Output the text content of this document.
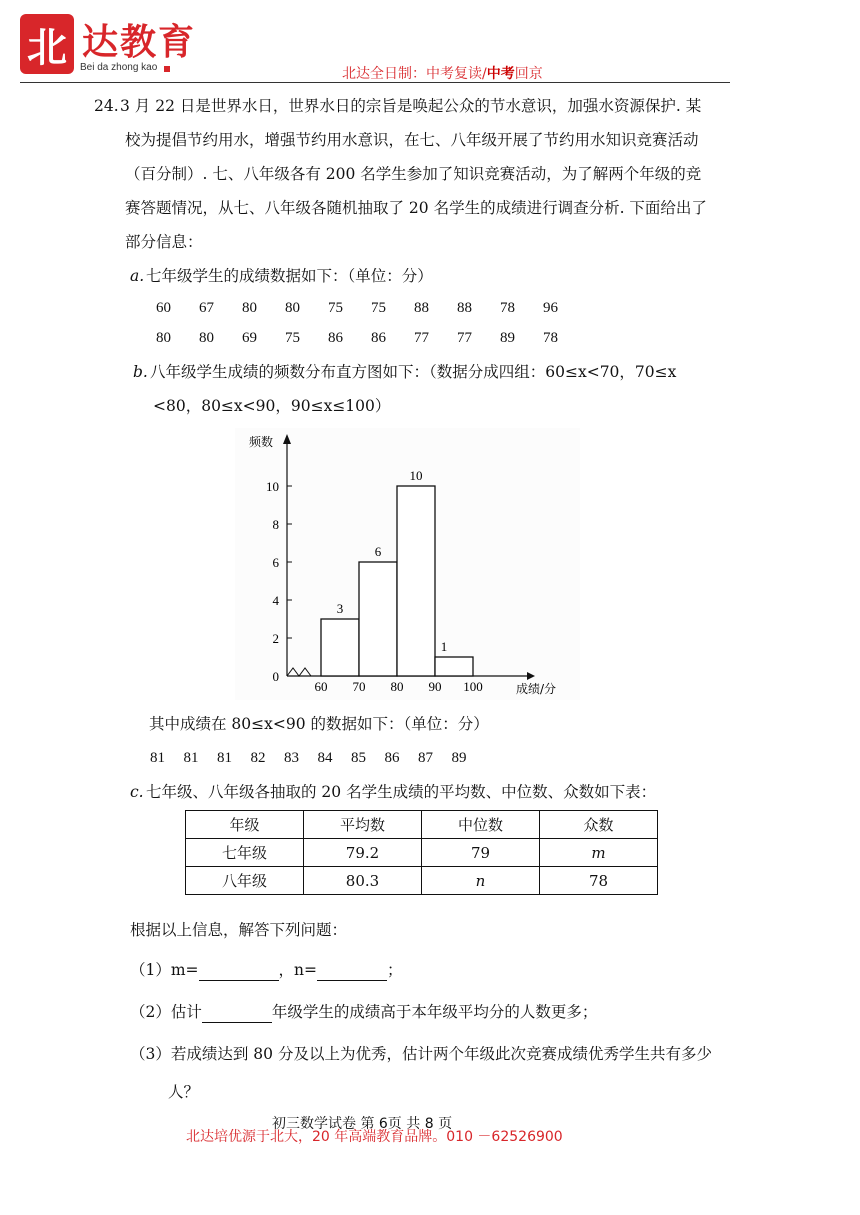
北 达教育
Bei da zhong kao	北达全日制：中考复读/中考回京
24. 3 月 22 日是世界水日，世界水日的宗旨是唤起公众的节水意识，加强水资源保护. 某
校为提倡节约用水，增强节约用水意识，在七、八年级开展了节约用水知识竞赛活动
（百分制）. 七、八年级各有 200 名学生参加了知识竞赛活动，为了解两个年级的竞
赛答题情况，从七、八年级各随机抽取了 20 名学生的成绩进行调查分析. 下面给出了
部分信息：
a. 七年级学生的成绩数据如下：（单位：分）
60 67 80 80 75 75 88 88 78 96
80 80 69 75 86 86 77 77 89 78
b. 八年级学生成绩的频数分布直方图如下：（数据分成四组：60≤x<70，70≤x
<80，80≤x<90，90≤x≤100）
0
2
4
6
8
10
频数
3
6
10
1
60 70 80 90 100	成绩/分
其中成绩在 80≤x<90 的数据如下：（单位：分）
81 81 81 82 83 84 85 86 87 89
c. 七年级、八年级各抽取的 20 名学生成绩的平均数、中位数、众数如下表：
年级	平均数	中位数	众数
七年级	79.2	79	m
八年级	80.3	n	78
根据以上信息，解答下列问题：
（1）m=	，n=	；
（2）估计	年级学生的成绩高于本年级平均分的人数更多；
（3）若成绩达到 80 分及以上为优秀，估计两个年级此次竞赛成绩优秀学生共有多少
人？
初三数学试卷 第 6页 共 8 页
北达培优源于北大，20 年高端教育品牌。010 －62526900
